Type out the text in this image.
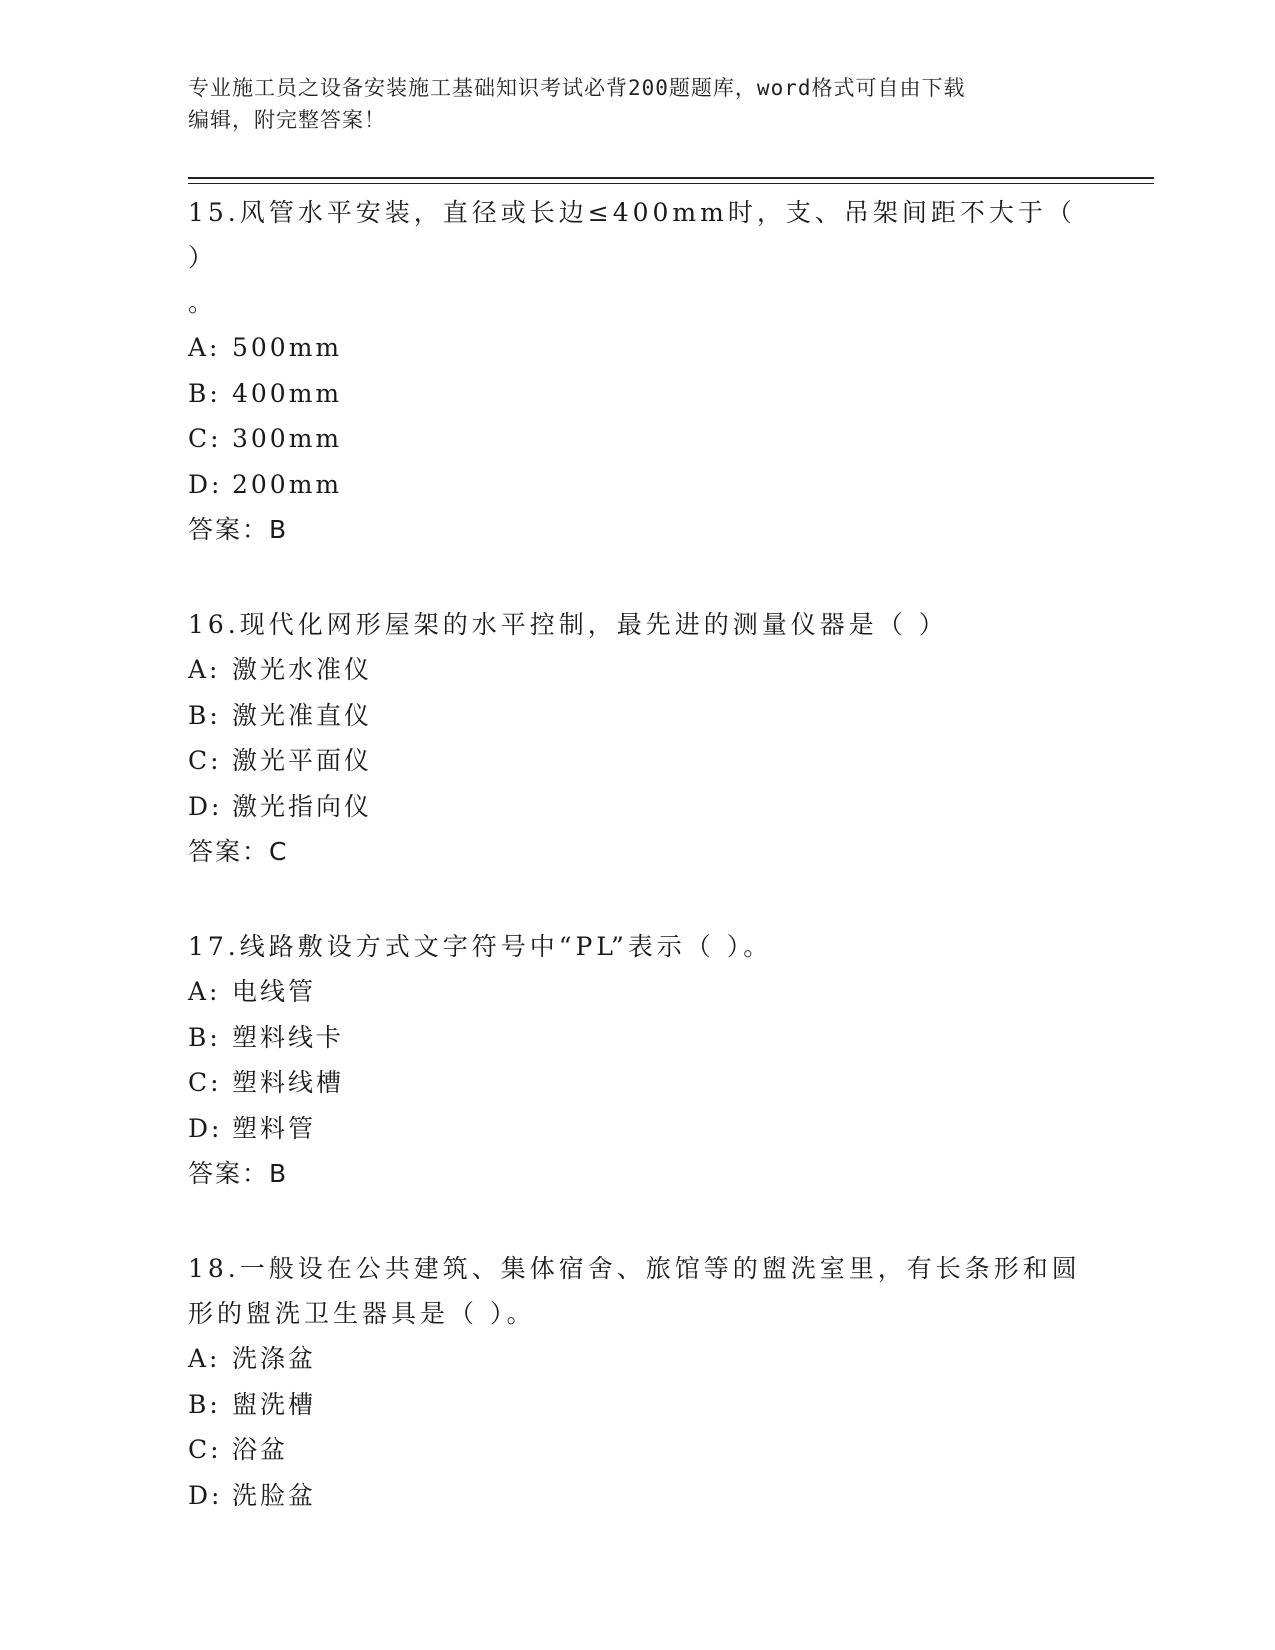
专业施工员之设备安装施工基础知识考试必背200题题库，word格式可自由下载
编辑，附完整答案！

15.风管水平安装，直径或长边≤400mm时，支、吊架间距不大于（ ）

。

A: 500mm

B: 400mm

C: 300mm

D: 200mm

答案：B

16.现代化网形屋架的水平控制，最先进的测量仪器是（ ）

A: 激光水准仪

B: 激光准直仪

C: 激光平面仪

D: 激光指向仪

答案：C

17.线路敷设方式文字符号中“PL”表示（ ）。

A: 电线管

B: 塑料线卡

C: 塑料线槽

D: 塑料管

答案：B

18.一般设在公共建筑、集体宿舍、旅馆等的盥洗室里，有长条形和圆

形的盥洗卫生器具是（ ）。

A: 洗涤盆

B: 盥洗槽

C: 浴盆

D: 洗脸盆
